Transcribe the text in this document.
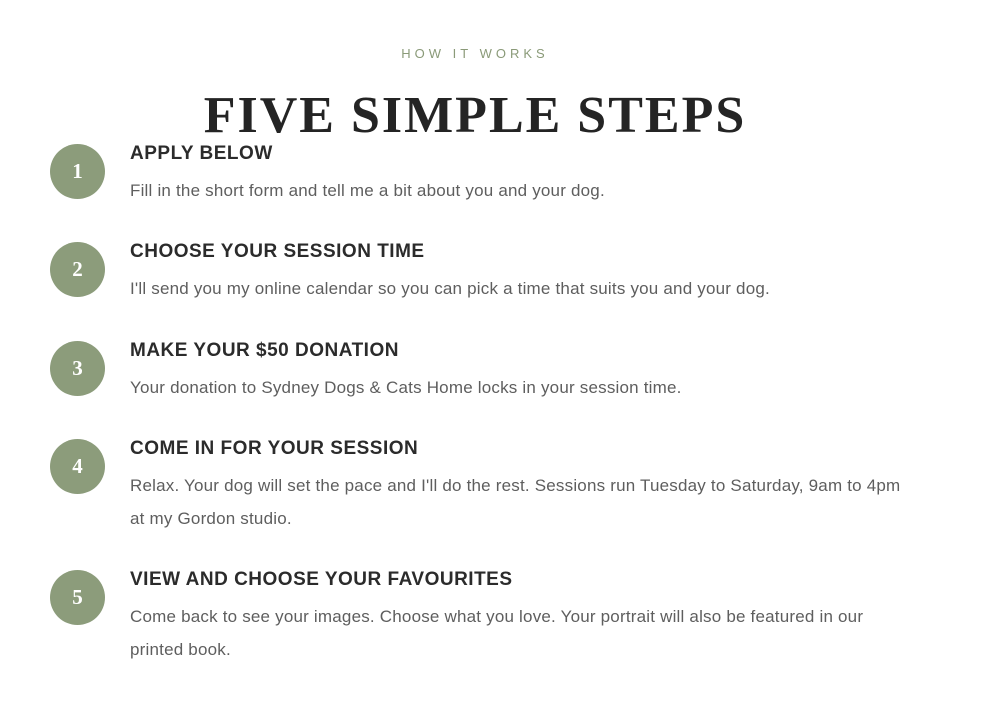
HOW IT WORKS
FIVE SIMPLE STEPS
1
APPLY BELOW
Fill in the short form and tell me a bit about you and your dog.
2
CHOOSE YOUR SESSION TIME
I'll send you my online calendar so you can pick a time that suits you and your dog.
3
MAKE YOUR $50 DONATION
Your donation to Sydney Dogs & Cats Home locks in your session time.
4
COME IN FOR YOUR SESSION
Relax. Your dog will set the pace and I'll do the rest. Sessions run Tuesday to Saturday, 9am to 4pm at my Gordon studio.
5
VIEW AND CHOOSE YOUR FAVOURITES
Come back to see your images. Choose what you love. Your portrait will also be featured in our printed book.
